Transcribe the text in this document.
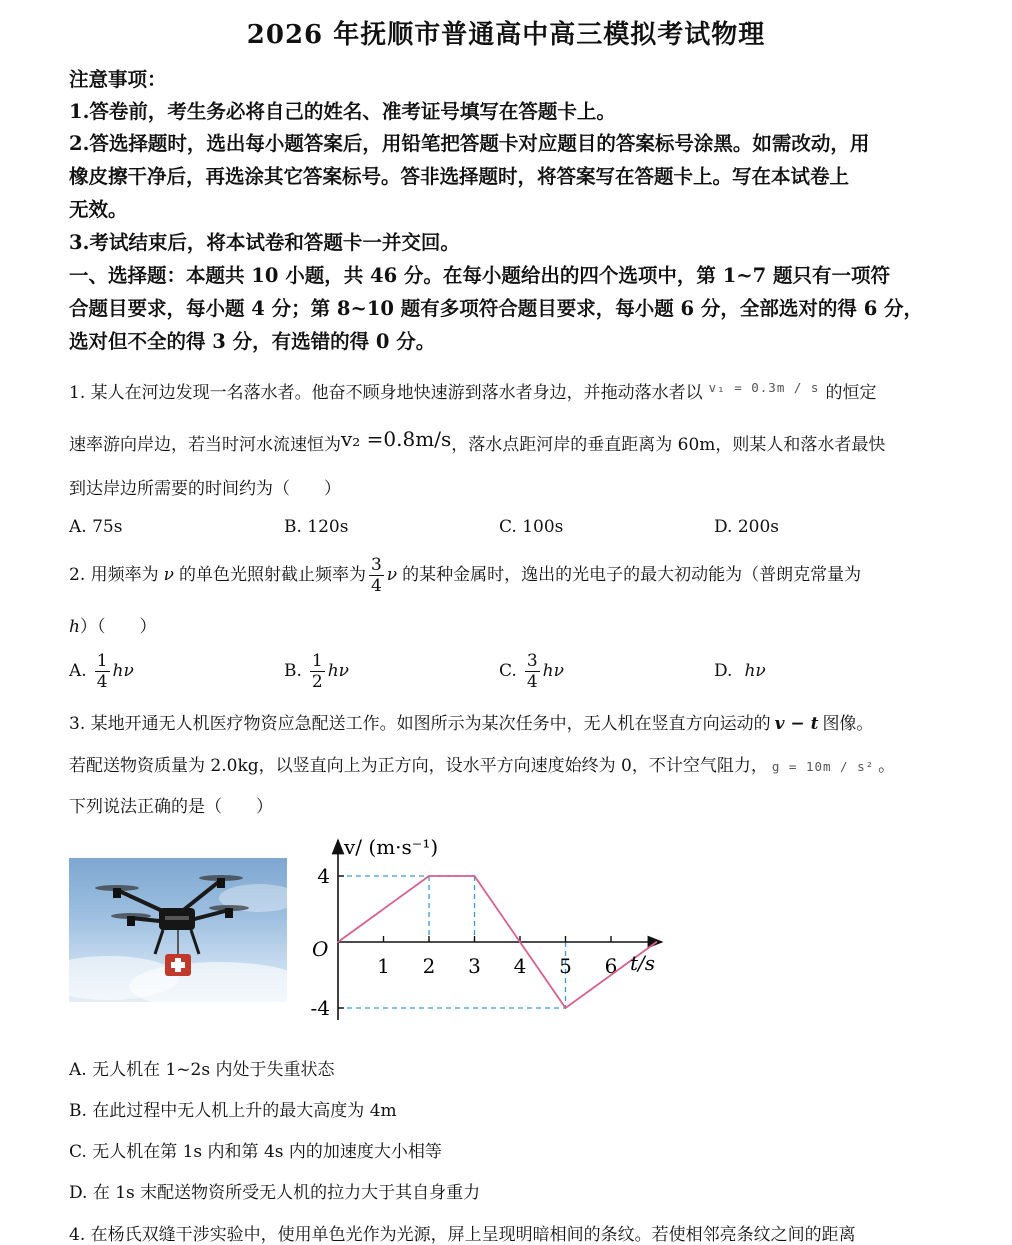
2026 年抚顺市普通高中高三模拟考试物理
注意事项：
1.答卷前，考生务必将自己的姓名、准考证号填写在答题卡上。
2.答选择题时，选出每小题答案后，用铅笔把答题卡对应题目的答案标号涂黑。如需改动，用
橡皮擦干净后，再选涂其它答案标号。答非选择题时，将答案写在答题卡上。写在本试卷上
无效。
3.考试结束后，将本试卷和答题卡一并交回。
一、选择题：本题共 10 小题，共 46 分。在每小题给出的四个选项中，第 1~7 题只有一项符
合题目要求，每小题 4 分；第 8~10 题有多项符合题目要求，每小题 6 分，全部选对的得 6 分，
选对但不全的得 3 分，有选错的得 0 分。
1. 某人在河边发现一名落水者。他奋不顾身地快速游到落水者身边，并拖动落水者以 $^{v_1 = 0.3m / s}$ 的恒定
速率游向岸边，若当时河水流速恒为v₂ =0.8m/s，落水点距河岸的垂直距离为 60m，则某人和落水者最快
到达岸边所需要的时间约为（　　）
A. 75s	B. 120s	C. 100s	D. 200s
2. 用频率为 ν 的单色光照射截止频率为 $\frac{3}{4}$ ν 的某种金属时，逸出的光电子的最大初动能为（普朗克常量为
h）（　　）
A. $\frac{1}{4}$ hν	B. $\frac{1}{2}$ hν	C. $\frac{3}{4}$ hν	D. hν
3. 某地开通无人机医疗物资应急配送工作。如图所示为某次任务中，无人机在竖直方向运动的 v − t 图像。
若配送物资质量为 2.0kg，以竖直向上为正方向，设水平方向速度始终为 0，不计空气阻力， g = 10m / s² 。
下列说法正确的是（　　）
1 2 3 4 5 6
4
-4
O
t/s
v/ (m·s⁻¹)
A. 无人机在 1~2s 内处于失重状态
B. 在此过程中无人机上升的最大高度为 4m
C. 无人机在第 1s 内和第 4s 内的加速度大小相等
D. 在 1s 末配送物资所受无人机的拉力大于其自身重力
4. 在杨氏双缝干涉实验中，使用单色光作为光源，屏上呈现明暗相间的条纹。若使相邻亮条纹之间的距离
